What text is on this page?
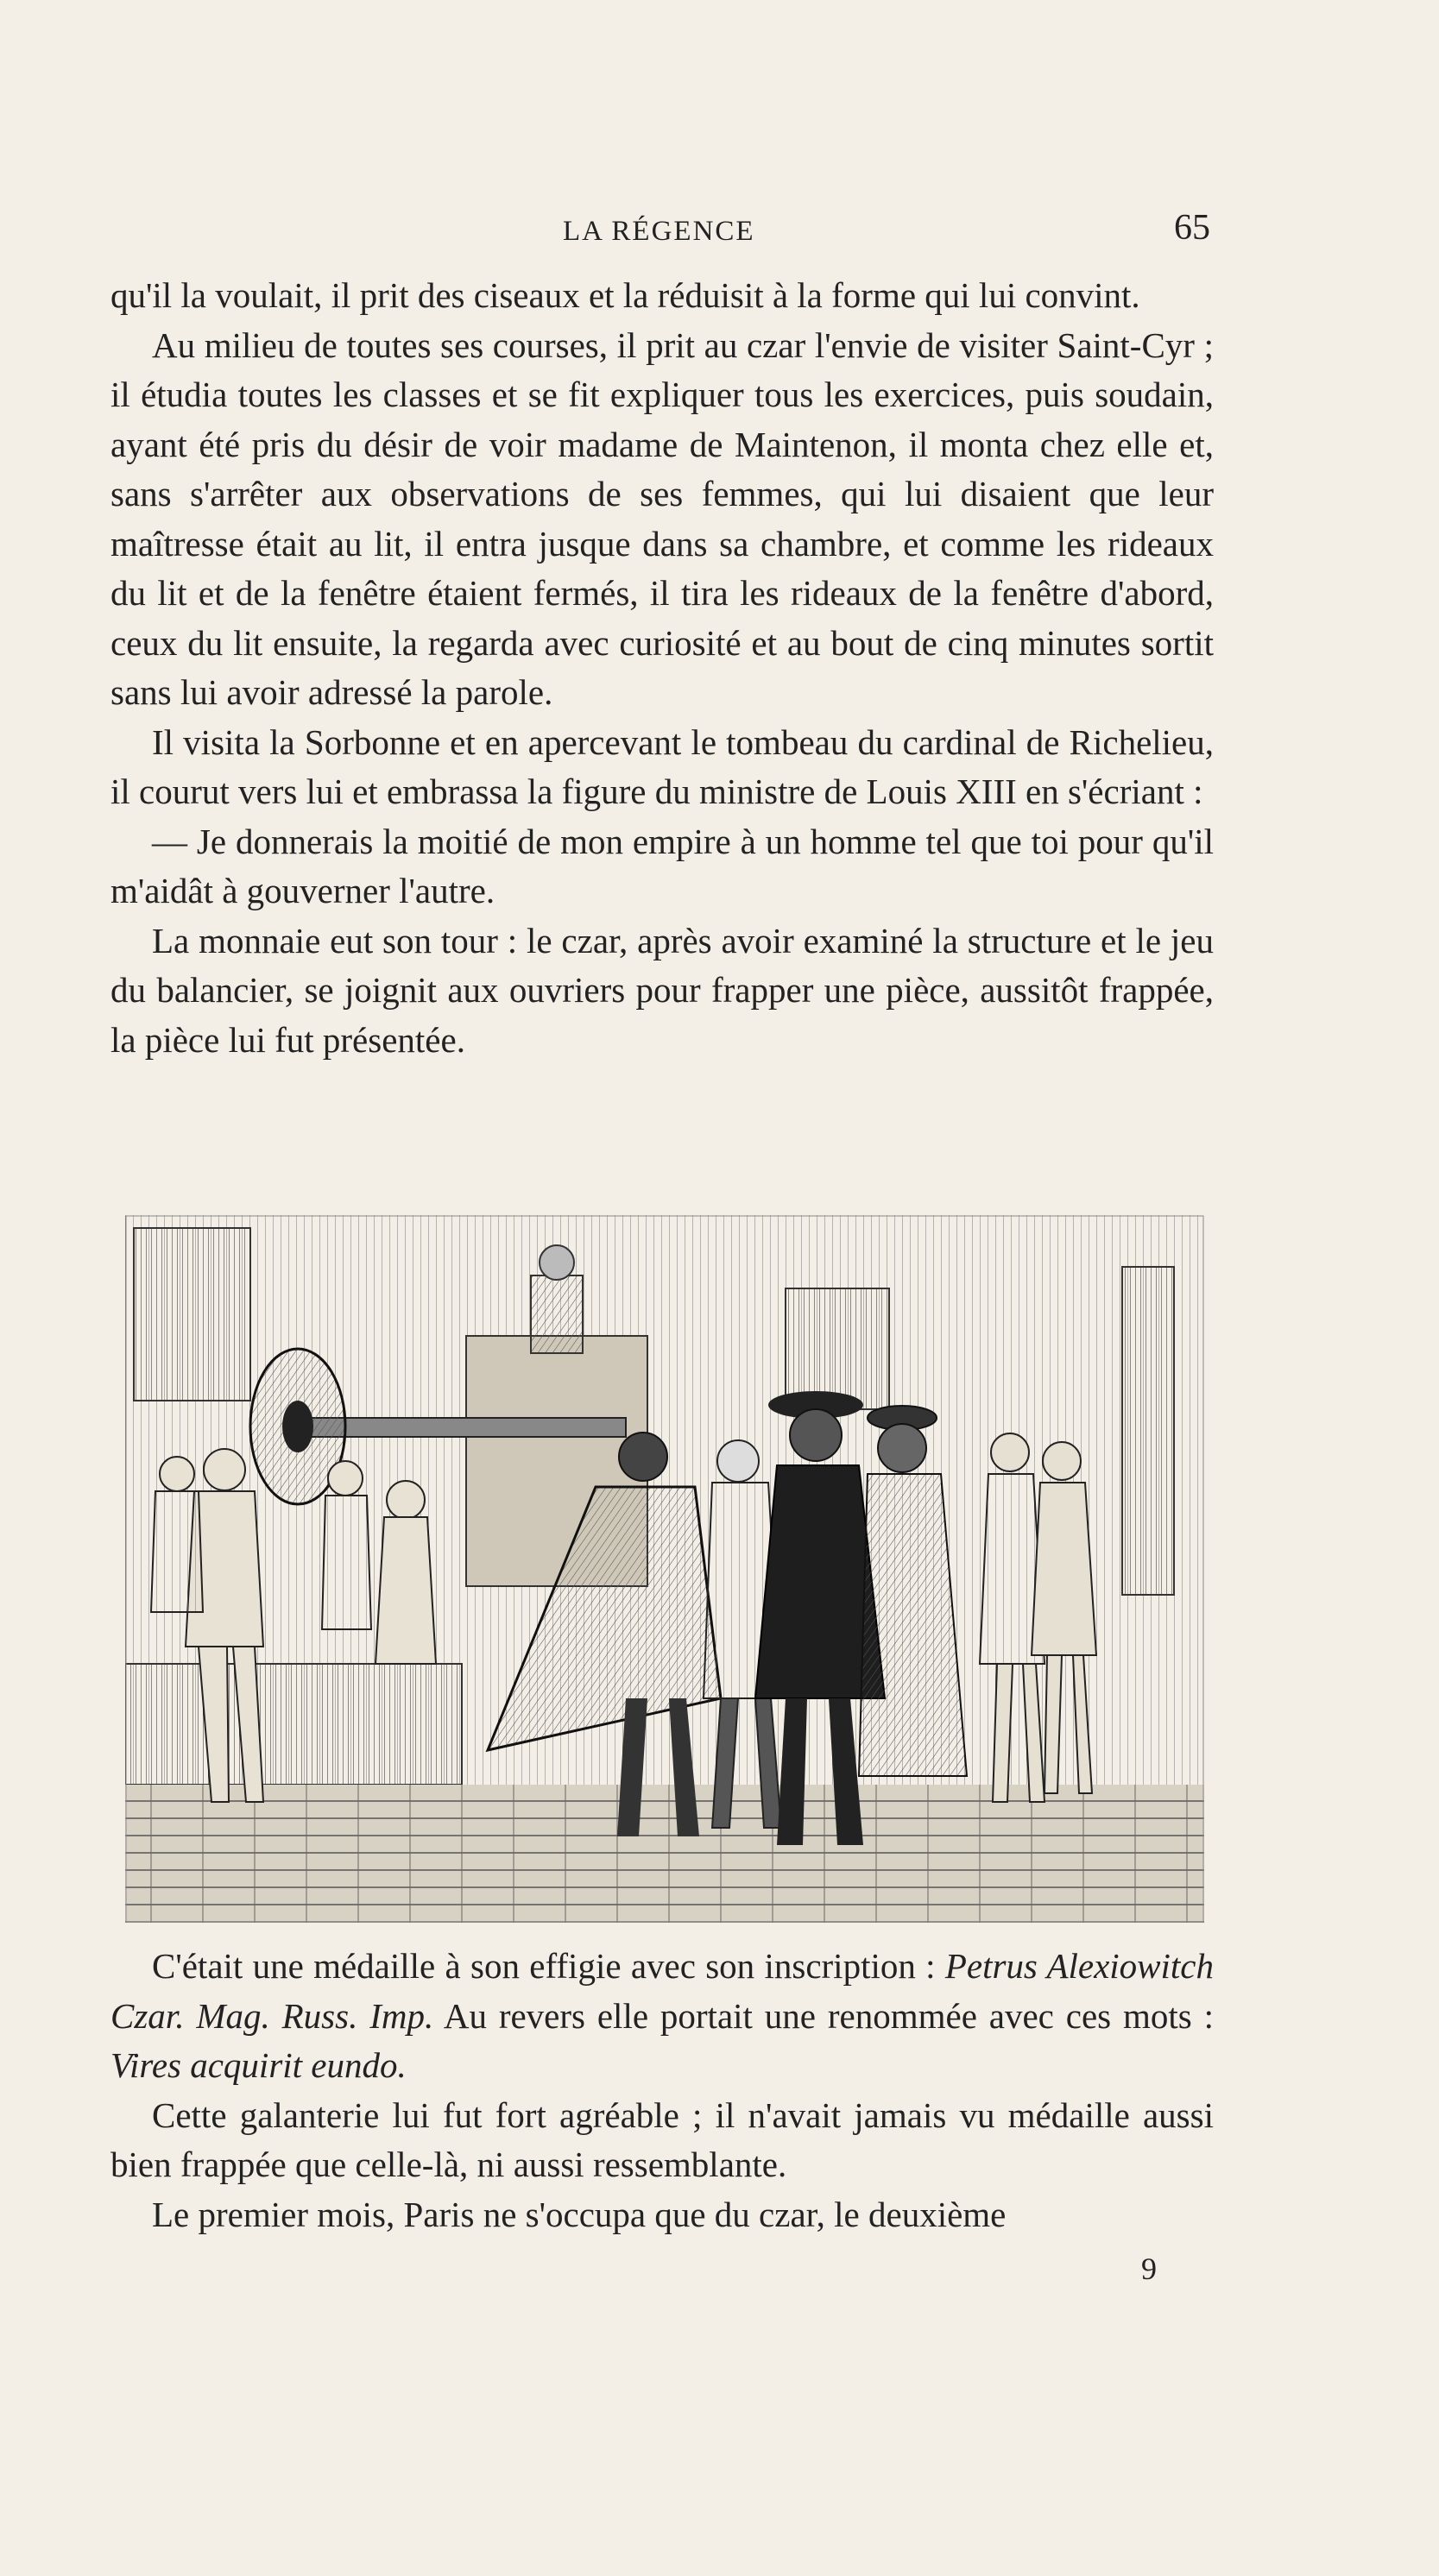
LA RÉGENCE	65

qu'il la voulait, il prit des ciseaux et la réduisit à la forme qui lui convint.

Au milieu de toutes ses courses, il prit au czar l'envie de visiter Saint-Cyr ; il étudia toutes les classes et se fit expliquer tous les exercices, puis soudain, ayant été pris du désir de voir madame de Maintenon, il monta chez elle et, sans s'arrêter aux observations de ses femmes, qui lui disaient que leur maîtresse était au lit, il entra jusque dans sa chambre, et comme les rideaux du lit et de la fenêtre étaient fermés, il tira les rideaux de la fenêtre d'abord, ceux du lit ensuite, la regarda avec curiosité et au bout de cinq minutes sortit sans lui avoir adressé la parole.

Il visita la Sorbonne et en apercevant le tombeau du cardinal de Richelieu, il courut vers lui et embrassa la figure du ministre de Louis XIII en s'écriant :

— Je donnerais la moitié de mon empire à un homme tel que toi pour qu'il m'aidât à gouverner l'autre.

La monnaie eut son tour : le czar, après avoir examiné la structure et le jeu du balancier, se joignit aux ouvriers pour frapper une pièce, aussitôt frappée, la pièce lui fut présentée.

C'était une médaille à son effigie avec son inscription : Petrus Alexiowitch Czar. Mag. Russ. Imp. Au revers elle portait une renommée avec ces mots : Vires acquirit eundo.

Cette galanterie lui fut fort agréable ; il n'avait jamais vu médaille aussi bien frappée que celle-là, ni aussi ressemblante.

Le premier mois, Paris ne s'occupa que du czar, le deuxième

9
